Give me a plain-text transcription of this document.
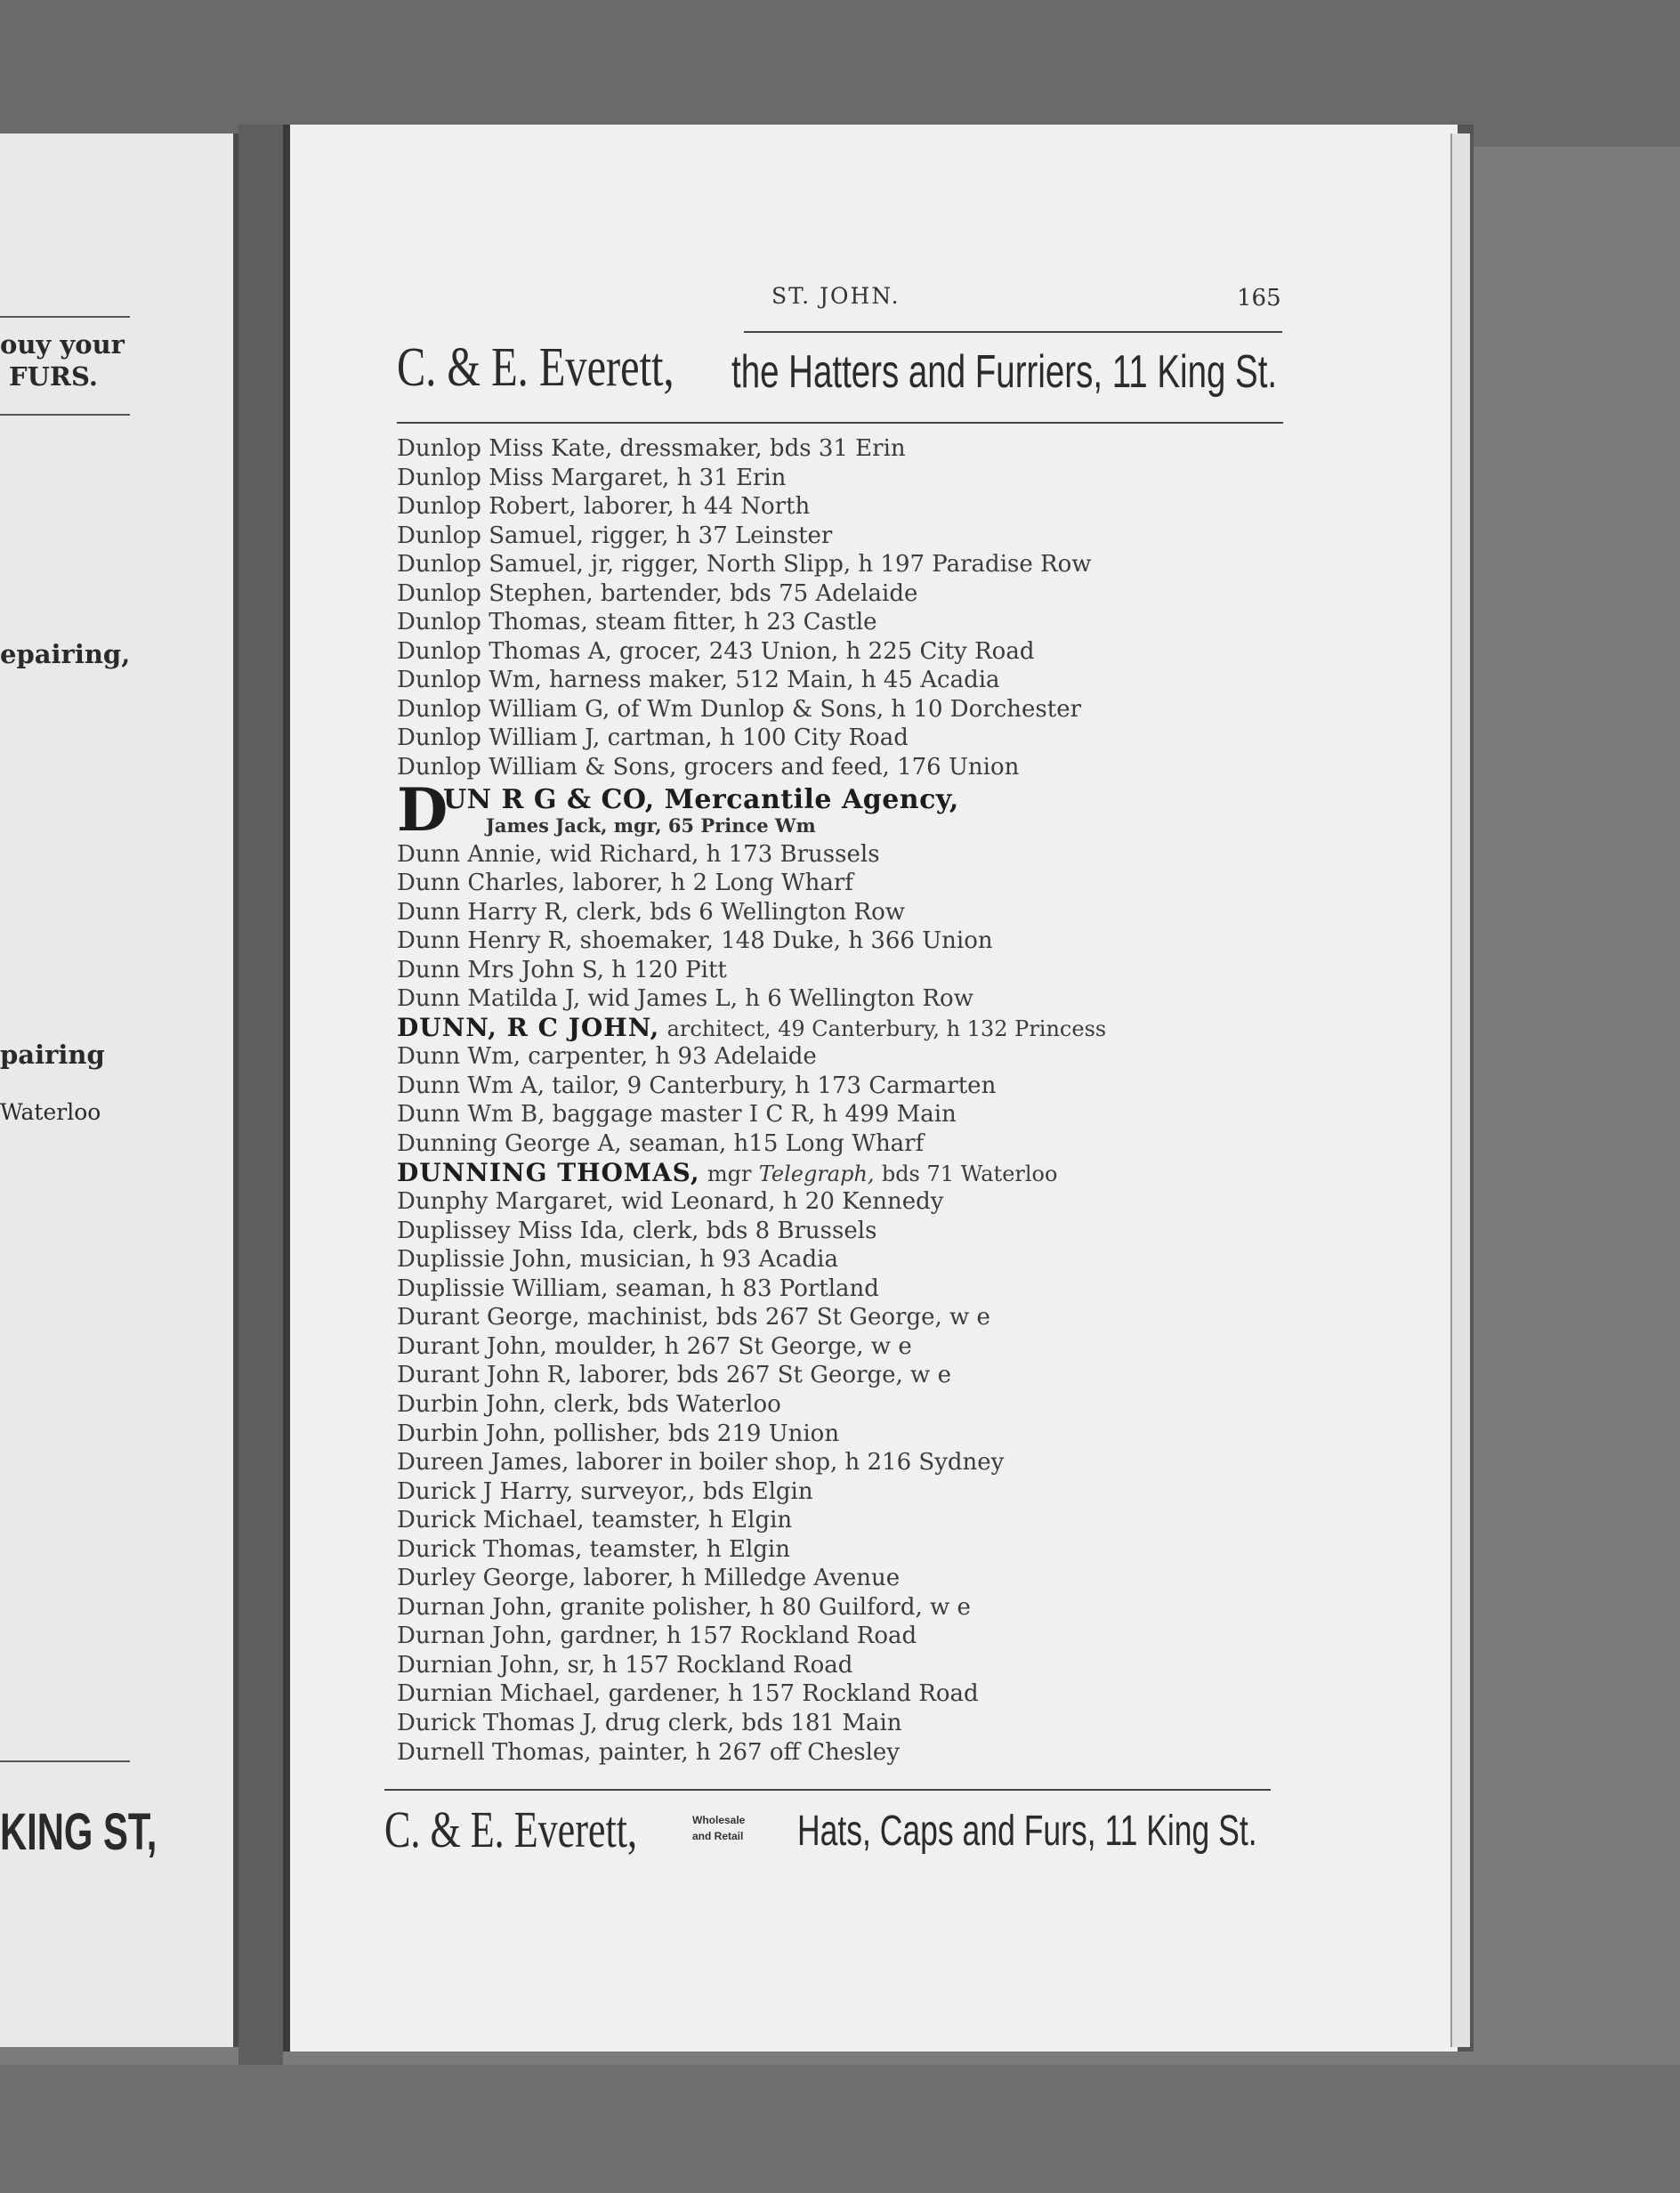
ouy your
FURS.
epairing,
pairing
Waterloo
KING ST,
ST. JOHN.	165
C. & E. Everett, the Hatters and Furriers, 11 King St.
Dunlop Miss Kate, dressmaker, bds 31 Erin
Dunlop Miss Margaret, h 31 Erin
Dunlop Robert, laborer, h 44 North
Dunlop Samuel, rigger, h 37 Leinster
Dunlop Samuel, jr, rigger, North Slipp, h 197 Paradise Row
Dunlop Stephen, bartender, bds 75 Adelaide
Dunlop Thomas, steam fitter, h 23 Castle
Dunlop Thomas A, grocer, 243 Union, h 225 City Road
Dunlop Wm, harness maker, 512 Main, h 45 Acadia
Dunlop William G, of Wm Dunlop & Sons, h 10 Dorchester
Dunlop William J, cartman, h 100 City Road
Dunlop William & Sons, grocers and feed, 176 Union
D
UN R G & CO, Mercantile Agency,
James Jack, mgr, 65 Prince Wm
Dunn Annie, wid Richard, h 173 Brussels
Dunn Charles, laborer, h 2 Long Wharf
Dunn Harry R, clerk, bds 6 Wellington Row
Dunn Henry R, shoemaker, 148 Duke, h 366 Union
Dunn Mrs John S, h 120 Pitt
Dunn Matilda J, wid James L, h 6 Wellington Row
DUNN, R C JOHN, architect, 49 Canterbury, h 132 Princess
Dunn Wm, carpenter, h 93 Adelaide
Dunn Wm A, tailor, 9 Canterbury, h 173 Carmarten
Dunn Wm B, baggage master I C R, h 499 Main
Dunning George A, seaman, h15 Long Wharf
DUNNING THOMAS, mgr Telegraph, bds 71 Waterloo
Dunphy Margaret, wid Leonard, h 20 Kennedy
Duplissey Miss Ida, clerk, bds 8 Brussels
Duplissie John, musician, h 93 Acadia
Duplissie William, seaman, h 83 Portland
Durant George, machinist, bds 267 St George, w e
Durant John, moulder, h 267 St George, w e
Durant John R, laborer, bds 267 St George, w e
Durbin John, clerk, bds Waterloo
Durbin John, pollisher, bds 219 Union
Dureen James, laborer in boiler shop, h 216 Sydney
Durick J Harry, surveyor,, bds Elgin
Durick Michael, teamster, h Elgin
Durick Thomas, teamster, h Elgin
Durley George, laborer, h Milledge Avenue
Durnan John, granite polisher, h 80 Guilford, w e
Durnan John, gardner, h 157 Rockland Road
Durnian John, sr, h 157 Rockland Road
Durnian Michael, gardener, h 157 Rockland Road
Durick Thomas J, drug clerk, bds 181 Main
Durnell Thomas, painter, h 267 off Chesley
C. & E. Everett,	Wholesale
and Retail Hats, Caps and Furs, 11 King St.
